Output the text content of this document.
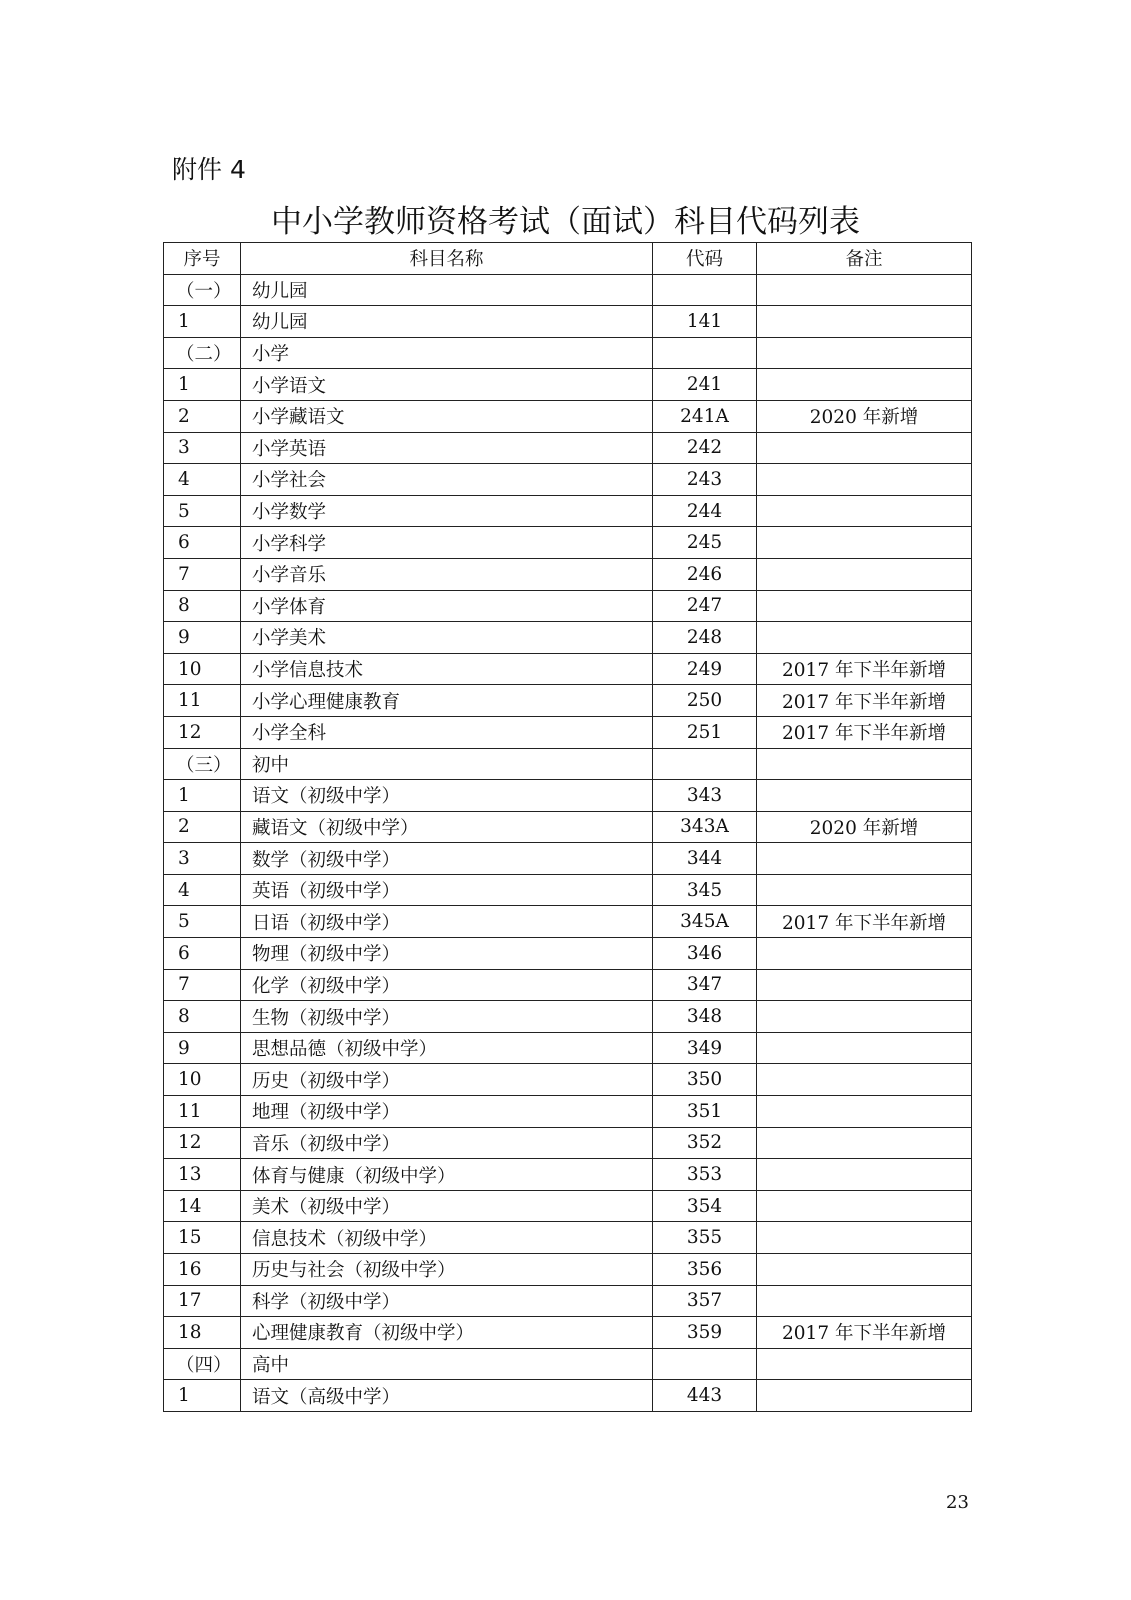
附件 4
中小学教师资格考试（面试）科目代码列表
序号	科目名称	代码	备注
（一）	幼儿园		
1	幼儿园	141	
（二）	小学		
1	小学语文	241	
2	小学藏语文	241A	2020 年新增
3	小学英语	242	
4	小学社会	243	
5	小学数学	244	
6	小学科学	245	
7	小学音乐	246	
8	小学体育	247	
9	小学美术	248	
10	小学信息技术	249	2017 年下半年新增
11	小学心理健康教育	250	2017 年下半年新增
12	小学全科	251	2017 年下半年新增
（三）	初中		
1	语文（初级中学）	343	
2	藏语文（初级中学）	343A	2020 年新增
3	数学（初级中学）	344	
4	英语（初级中学）	345	
5	日语（初级中学）	345A	2017 年下半年新增
6	物理（初级中学）	346	
7	化学（初级中学）	347	
8	生物（初级中学）	348	
9	思想品德（初级中学）	349	
10	历史（初级中学）	350	
11	地理（初级中学）	351	
12	音乐（初级中学）	352	
13	体育与健康（初级中学）	353	
14	美术（初级中学）	354	
15	信息技术（初级中学）	355	
16	历史与社会（初级中学）	356	
17	科学（初级中学）	357	
18	心理健康教育（初级中学）	359	2017 年下半年新增
（四）	高中		
1	语文（高级中学）	443	
23
